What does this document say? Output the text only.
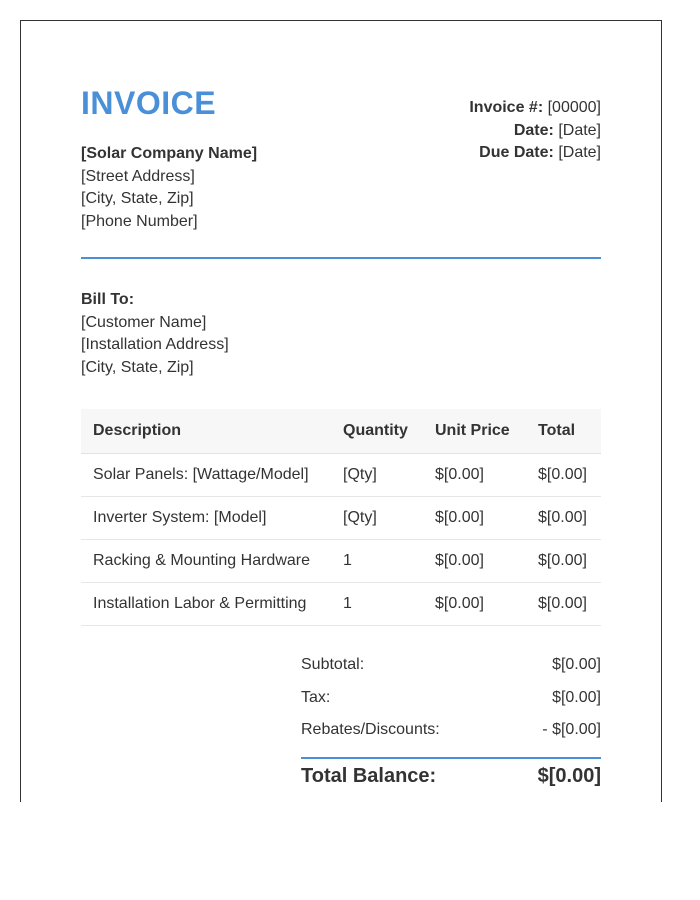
INVOICE
[Solar Company Name]
[Street Address]
[City, State, Zip]
[Phone Number]
Invoice #: [00000]
Date: [Date]
Due Date: [Date]
Bill To:
[Customer Name]
[Installation Address]
[City, State, Zip]
Description	Quantity	Unit Price	Total
Solar Panels: [Wattage/Model]	[Qty]	$[0.00]	$[0.00]
Inverter System: [Model]	[Qty]	$[0.00]	$[0.00]
Racking & Mounting Hardware	1	$[0.00]	$[0.00]
Installation Labor & Permitting	1	$[0.00]	$[0.00]
Subtotal:	$[0.00]
Tax:	$[0.00]
Rebates/Discounts:	- $[0.00]
Total Balance:	$[0.00]
